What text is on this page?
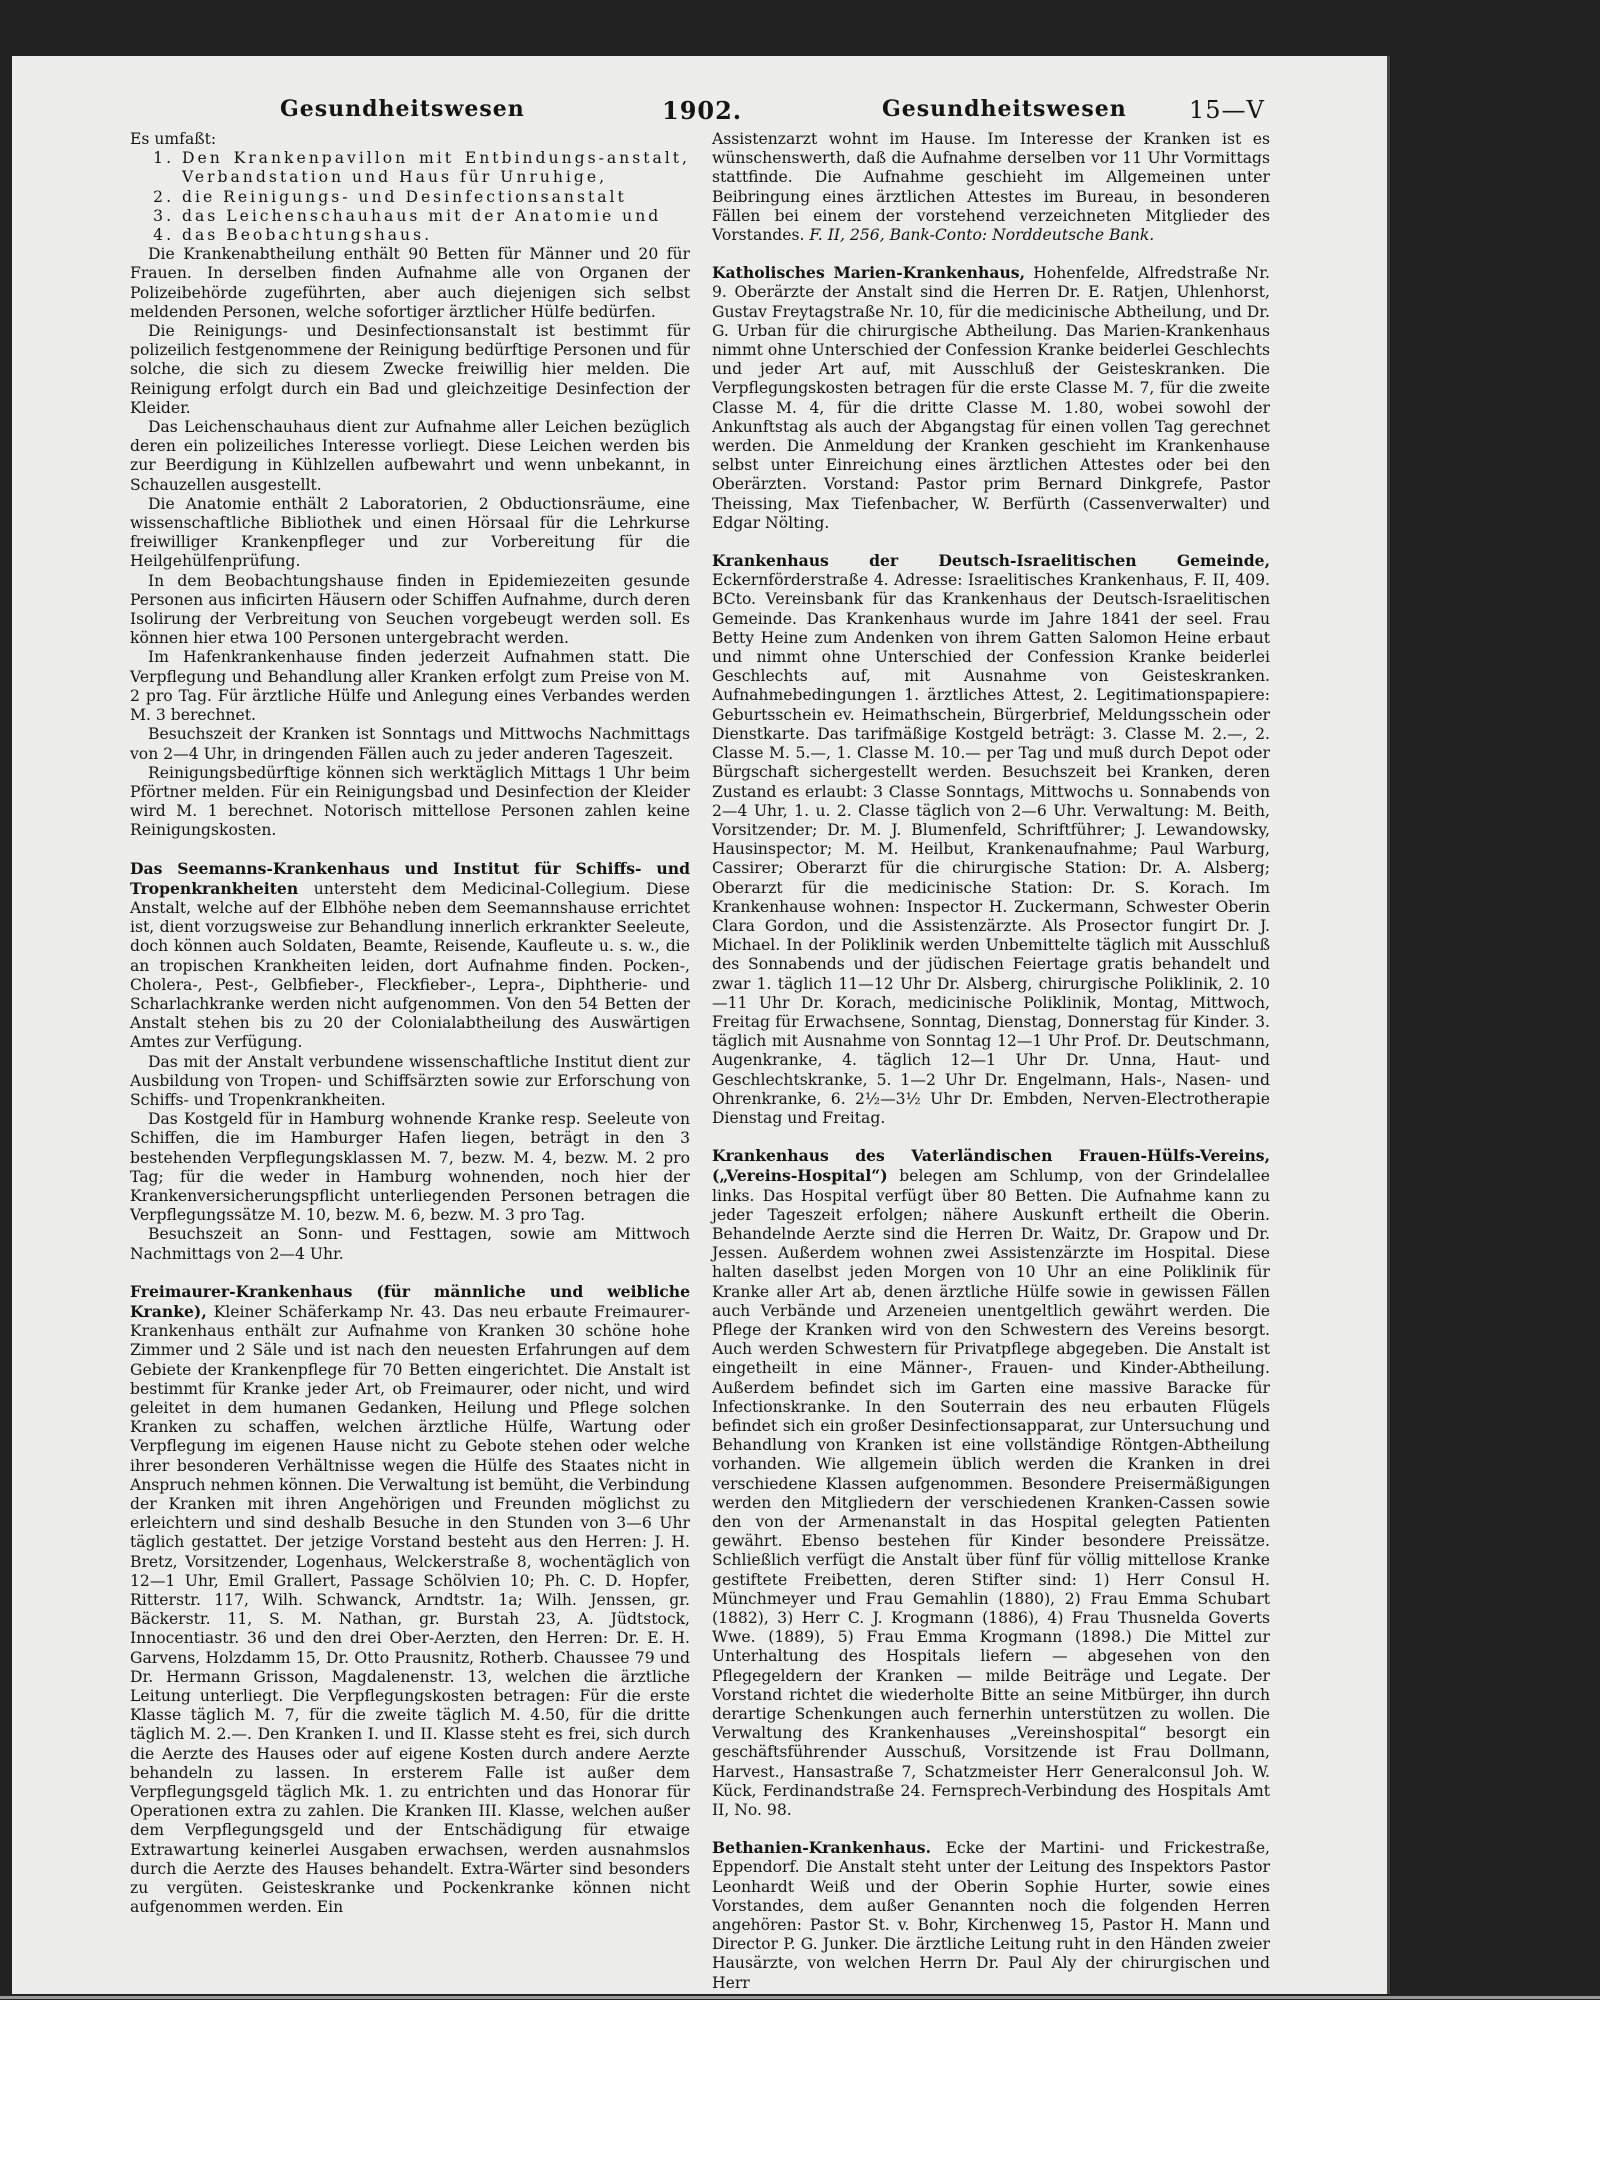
Gesundheitswesen	1902.	Gesundheitswesen	15—V

Es umfaßt:

1. Den Krankenpavillon mit Entbindungs-anstalt, Verbandstation und Haus für Unruhige,
2. die Reinigungs- und Desinfectionsanstalt
3. das Leichenschauhaus mit der Anatomie und
4. das Beobachtungshaus.

Die Krankenabtheilung enthält 90 Betten für Männer und 20 für Frauen. In derselben finden Aufnahme alle von Organen der Polizeibehörde zugeführten, aber auch diejenigen sich selbst meldenden Personen, welche sofortiger ärztlicher Hülfe bedürfen.

Die Reinigungs- und Desinfectionsanstalt ist bestimmt für polizeilich festgenommene der Reinigung bedürftige Personen und für solche, die sich zu diesem Zwecke freiwillig hier melden. Die Reinigung erfolgt durch ein Bad und gleichzeitige Desinfection der Kleider.

Das Leichenschauhaus dient zur Aufnahme aller Leichen bezüglich deren ein polizeiliches Interesse vorliegt. Diese Leichen werden bis zur Beerdigung in Kühlzellen aufbewahrt und wenn unbekannt, in Schauzellen ausgestellt.

Die Anatomie enthält 2 Laboratorien, 2 Obductionsräume, eine wissenschaftliche Bibliothek und einen Hörsaal für die Lehrkurse freiwilliger Krankenpfleger und zur Vorbereitung für die Heilgehülfenprüfung.

In dem Beobachtungshause finden in Epidemiezeiten gesunde Personen aus inficirten Häusern oder Schiffen Aufnahme, durch deren Isolirung der Verbreitung von Seuchen vorgebeugt werden soll. Es können hier etwa 100 Personen untergebracht werden.

Im Hafenkrankenhause finden jederzeit Aufnahmen statt. Die Verpflegung und Behandlung aller Kranken erfolgt zum Preise von M. 2 pro Tag. Für ärztliche Hülfe und Anlegung eines Verbandes werden M. 3 berechnet.

Besuchszeit der Kranken ist Sonntags und Mittwochs Nachmittags von 2—4 Uhr, in dringenden Fällen auch zu jeder anderen Tageszeit.

Reinigungsbedürftige können sich werktäglich Mittags 1 Uhr beim Pförtner melden. Für ein Reinigungsbad und Desinfection der Kleider wird M. 1 berechnet. Notorisch mittellose Personen zahlen keine Reinigungskosten.

Das Seemanns-Krankenhaus und Institut für Schiffs- und Tropenkrankheiten untersteht dem Medicinal-Collegium. Diese Anstalt, welche auf der Elbhöhe neben dem Seemannshause errichtet ist, dient vorzugsweise zur Behandlung innerlich erkrankter Seeleute, doch können auch Soldaten, Beamte, Reisende, Kaufleute u. s. w., die an tropischen Krankheiten leiden, dort Aufnahme finden. Pocken-, Cholera-, Pest-, Gelbfieber-, Fleckfieber-, Lepra-, Diphtherie- und Scharlachkranke werden nicht aufgenommen. Von den 54 Betten der Anstalt stehen bis zu 20 der Colonialabtheilung des Auswärtigen Amtes zur Verfügung.

Das mit der Anstalt verbundene wissenschaftliche Institut dient zur Ausbildung von Tropen- und Schiffsärzten sowie zur Erforschung von Schiffs- und Tropenkrankheiten.

Das Kostgeld für in Hamburg wohnende Kranke resp. Seeleute von Schiffen, die im Hamburger Hafen liegen, beträgt in den 3 bestehenden Verpflegungsklassen M. 7, bezw. M. 4, bezw. M. 2 pro Tag; für die weder in Hamburg wohnenden, noch hier der Krankenversicherungspflicht unterliegenden Personen betragen die Verpflegungssätze M. 10, bezw. M. 6, bezw. M. 3 pro Tag.

Besuchszeit an Sonn- und Festtagen, sowie am Mittwoch Nachmittags von 2—4 Uhr.

Freimaurer-Krankenhaus (für männliche und weibliche Kranke), Kleiner Schäferkamp Nr. 43. Das neu erbaute Freimaurer-Krankenhaus enthält zur Aufnahme von Kranken 30 schöne hohe Zimmer und 2 Säle und ist nach den neuesten Erfahrungen auf dem Gebiete der Krankenpflege für 70 Betten eingerichtet. Die Anstalt ist bestimmt für Kranke jeder Art, ob Freimaurer, oder nicht, und wird geleitet in dem humanen Gedanken, Heilung und Pflege solchen Kranken zu schaffen, welchen ärztliche Hülfe, Wartung oder Verpflegung im eigenen Hause nicht zu Gebote stehen oder welche ihrer besonderen Verhältnisse wegen die Hülfe des Staates nicht in Anspruch nehmen können. Die Verwaltung ist bemüht, die Verbindung der Kranken mit ihren Angehörigen und Freunden möglichst zu erleichtern und sind deshalb Besuche in den Stunden von 3—6 Uhr täglich gestattet. Der jetzige Vorstand besteht aus den Herren: J. H. Bretz, Vorsitzender, Logenhaus, Welckerstraße 8, wochentäglich von 12—1 Uhr, Emil Grallert, Passage Schölvien 10; Ph. C. D. Hopfer, Ritterstr. 117, Wilh. Schwanck, Arndtstr. 1a; Wilh. Jenssen, gr. Bäckerstr. 11, S. M. Nathan, gr. Burstah 23, A. Jüdtstock, Innocentiastr. 36 und den drei Ober-Aerzten, den Herren: Dr. E. H. Garvens, Holzdamm 15, Dr. Otto Prausnitz, Rotherb. Chaussee 79 und Dr. Hermann Grisson, Magdalenenstr. 13, welchen die ärztliche Leitung unterliegt. Die Verpflegungskosten betragen: Für die erste Klasse täglich M. 7, für die zweite täglich M. 4.50, für die dritte täglich M. 2.—. Den Kranken I. und II. Klasse steht es frei, sich durch die Aerzte des Hauses oder auf eigene Kosten durch andere Aerzte behandeln zu lassen. In ersterem Falle ist außer dem Verpflegungsgeld täglich Mk. 1. zu entrichten und das Honorar für Operationen extra zu zahlen. Die Kranken III. Klasse, welchen außer dem Verpflegungsgeld und der Entschädigung für etwaige Extrawartung keinerlei Ausgaben erwachsen, werden ausnahmslos durch die Aerzte des Hauses behandelt. Extra-Wärter sind besonders zu vergüten. Geisteskranke und Pockenkranke können nicht aufgenommen werden. Ein

Assistenzarzt wohnt im Hause. Im Interesse der Kranken ist es wünschenswerth, daß die Aufnahme derselben vor 11 Uhr Vormittags stattfinde. Die Aufnahme geschieht im Allgemeinen unter Beibringung eines ärztlichen Attestes im Bureau, in besonderen Fällen bei einem der vorstehend verzeichneten Mitglieder des Vorstandes. F. II, 256, Bank-Conto: Norddeutsche Bank.

Katholisches Marien-Krankenhaus, Hohenfelde, Alfredstraße Nr. 9. Oberärzte der Anstalt sind die Herren Dr. E. Ratjen, Uhlenhorst, Gustav Freytagstraße Nr. 10, für die medicinische Abtheilung, und Dr. G. Urban für die chirurgische Abtheilung. Das Marien-Krankenhaus nimmt ohne Unterschied der Confession Kranke beiderlei Geschlechts und jeder Art auf, mit Ausschluß der Geisteskranken. Die Verpflegungskosten betragen für die erste Classe M. 7, für die zweite Classe M. 4, für die dritte Classe M. 1.80, wobei sowohl der Ankunftstag als auch der Abgangstag für einen vollen Tag gerechnet werden. Die Anmeldung der Kranken geschieht im Krankenhause selbst unter Einreichung eines ärztlichen Attestes oder bei den Oberärzten. Vorstand: Pastor prim Bernard Dinkgrefe, Pastor Theissing, Max Tiefenbacher, W. Berfürth (Cassenverwalter) und Edgar Nölting.

Krankenhaus der Deutsch-Israelitischen Gemeinde, Eckernförderstraße 4. Adresse: Israelitisches Krankenhaus, F. II, 409. BCto. Vereinsbank für das Krankenhaus der Deutsch-Israelitischen Gemeinde. Das Krankenhaus wurde im Jahre 1841 der seel. Frau Betty Heine zum Andenken von ihrem Gatten Salomon Heine erbaut und nimmt ohne Unterschied der Confession Kranke beiderlei Geschlechts auf, mit Ausnahme von Geisteskranken. Aufnahmebedingungen 1. ärztliches Attest, 2. Legitimationspapiere: Geburtsschein ev. Heimathschein, Bürgerbrief, Meldungsschein oder Dienstkarte. Das tarifmäßige Kostgeld beträgt: 3. Classe M. 2.—, 2. Classe M. 5.—, 1. Classe M. 10.— per Tag und muß durch Depot oder Bürgschaft sichergestellt werden. Besuchszeit bei Kranken, deren Zustand es erlaubt: 3 Classe Sonntags, Mittwochs u. Sonnabends von 2—4 Uhr, 1. u. 2. Classe täglich von 2—6 Uhr. Verwaltung: M. Beith, Vorsitzender; Dr. M. J. Blumenfeld, Schriftführer; J. Lewandowsky, Hausinspector; M. M. Heilbut, Krankenaufnahme; Paul Warburg, Cassirer; Oberarzt für die chirurgische Station: Dr. A. Alsberg; Oberarzt für die medicinische Station: Dr. S. Korach. Im Krankenhause wohnen: Inspector H. Zuckermann, Schwester Oberin Clara Gordon, und die Assistenzärzte. Als Prosector fungirt Dr. J. Michael. In der Poliklinik werden Unbemittelte täglich mit Ausschluß des Sonnabends und der jüdischen Feiertage gratis behandelt und zwar 1. täglich 11—12 Uhr Dr. Alsberg, chirurgische Poliklinik, 2. 10—11 Uhr Dr. Korach, medicinische Poliklinik, Montag, Mittwoch, Freitag für Erwachsene, Sonntag, Dienstag, Donnerstag für Kinder. 3. täglich mit Ausnahme von Sonntag 12—1 Uhr Prof. Dr. Deutschmann, Augenkranke, 4. täglich 12—1 Uhr Dr. Unna, Haut- und Geschlechtskranke, 5. 1—2 Uhr Dr. Engelmann, Hals-, Nasen- und Ohrenkranke, 6. 2½—3½ Uhr Dr. Embden, Nerven-Electrotherapie Dienstag und Freitag.

Krankenhaus des Vaterländischen Frauen-Hülfs-Vereins, („Vereins-Hospital“) belegen am Schlump, von der Grindelallee links. Das Hospital verfügt über 80 Betten. Die Aufnahme kann zu jeder Tageszeit erfolgen; nähere Auskunft ertheilt die Oberin. Behandelnde Aerzte sind die Herren Dr. Waitz, Dr. Grapow und Dr. Jessen. Außerdem wohnen zwei Assistenzärzte im Hospital. Diese halten daselbst jeden Morgen von 10 Uhr an eine Poliklinik für Kranke aller Art ab, denen ärztliche Hülfe sowie in gewissen Fällen auch Verbände und Arzeneien unentgeltlich gewährt werden. Die Pflege der Kranken wird von den Schwestern des Vereins besorgt. Auch werden Schwestern für Privatpflege abgegeben. Die Anstalt ist eingetheilt in eine Männer-, Frauen- und Kinder-Abtheilung. Außerdem befindet sich im Garten eine massive Baracke für Infectionskranke. In den Souterrain des neu erbauten Flügels befindet sich ein großer Desinfectionsapparat, zur Untersuchung und Behandlung von Kranken ist eine vollständige Röntgen-Abtheilung vorhanden. Wie allgemein üblich werden die Kranken in drei verschiedene Klassen aufgenommen. Besondere Preisermäßigungen werden den Mitgliedern der verschiedenen Kranken-Cassen sowie den von der Armenanstalt in das Hospital gelegten Patienten gewährt. Ebenso bestehen für Kinder besondere Preissätze. Schließlich verfügt die Anstalt über fünf für völlig mittellose Kranke gestiftete Freibetten, deren Stifter sind: 1) Herr Consul H. Münchmeyer und Frau Gemahlin (1880), 2) Frau Emma Schubart (1882), 3) Herr C. J. Krogmann (1886), 4) Frau Thusnelda Goverts Wwe. (1889), 5) Frau Emma Krogmann (1898.) Die Mittel zur Unterhaltung des Hospitals liefern — abgesehen von den Pflegegeldern der Kranken — milde Beiträge und Legate. Der Vorstand richtet die wiederholte Bitte an seine Mitbürger, ihn durch derartige Schenkungen auch fernerhin unterstützen zu wollen. Die Verwaltung des Krankenhauses „Vereinshospital“ besorgt ein geschäftsführender Ausschuß, Vorsitzende ist Frau Dollmann, Harvest., Hansastraße 7, Schatzmeister Herr Generalconsul Joh. W. Kück, Ferdinandstraße 24. Fernsprech-Verbindung des Hospitals Amt II, No. 98.

Bethanien-Krankenhaus. Ecke der Martini- und Frickestraße, Eppendorf. Die Anstalt steht unter der Leitung des Inspektors Pastor Leonhardt Weiß und der Oberin Sophie Hurter, sowie eines Vorstandes, dem außer Genannten noch die folgenden Herren angehören: Pastor St. v. Bohr, Kirchenweg 15, Pastor H. Mann und Director P. G. Junker. Die ärztliche Leitung ruht in den Händen zweier Hausärzte, von welchen Herrn Dr. Paul Aly der chirurgischen und Herr
